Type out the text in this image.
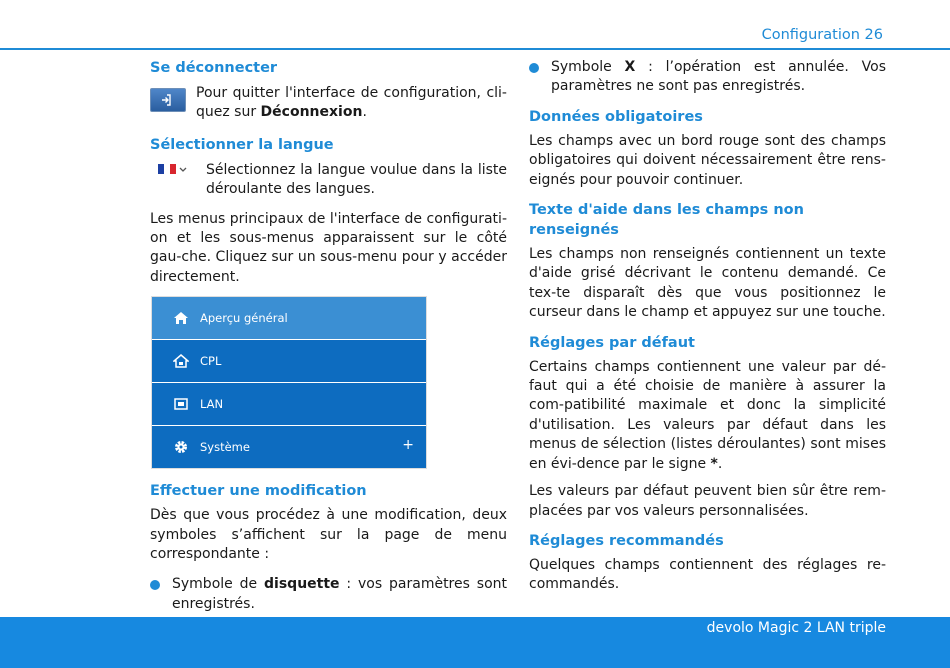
Configuration 26
Se déconnecter

Pour quitter l'interface de configuration, cli-quez sur Déconnexion.

Sélectionner la langue

Sélectionnez la langue voulue dans la liste déroulante des langues.

Les menus principaux de l'interface de configurati-on et les sous-menus apparaissent sur le côté gau-che. Cliquez sur un sous-menu pour y accéder directement.

Aperçu général
CPL
LAN
Système	+
Effectuer une modification

Dès que vous procédez à une modification, deux symboles s’affichent sur la page de menu correspondante :

Symbole de disquette : vos paramètres sont enregistrés.

Symbole X : l’opération est annulée. Vos paramètres ne sont pas enregistrés.

Données obligatoires

Les champs avec un bord rouge sont des champs obligatoires qui doivent nécessairement être rens-eignés pour pouvoir continuer.

Texte d'aide dans les champs non renseignés

Les champs non renseignés contiennent un texte d'aide grisé décrivant le contenu demandé. Ce tex-te disparaît dès que vous positionnez le curseur dans le champ et appuyez sur une touche.

Réglages par défaut

Certains champs contiennent une valeur par dé-faut qui a été choisie de manière à assurer la com-patibilité maximale et donc la simplicité d'utilisation. Les valeurs par défaut dans les menus de sélection (listes déroulantes) sont mises en évi-dence par le signe *.

Les valeurs par défaut peuvent bien sûr être rem-placées par vos valeurs personnalisées.

Réglages recommandés

Quelques champs contiennent des réglages re-commandés.

devolo Magic 2 LAN triple
